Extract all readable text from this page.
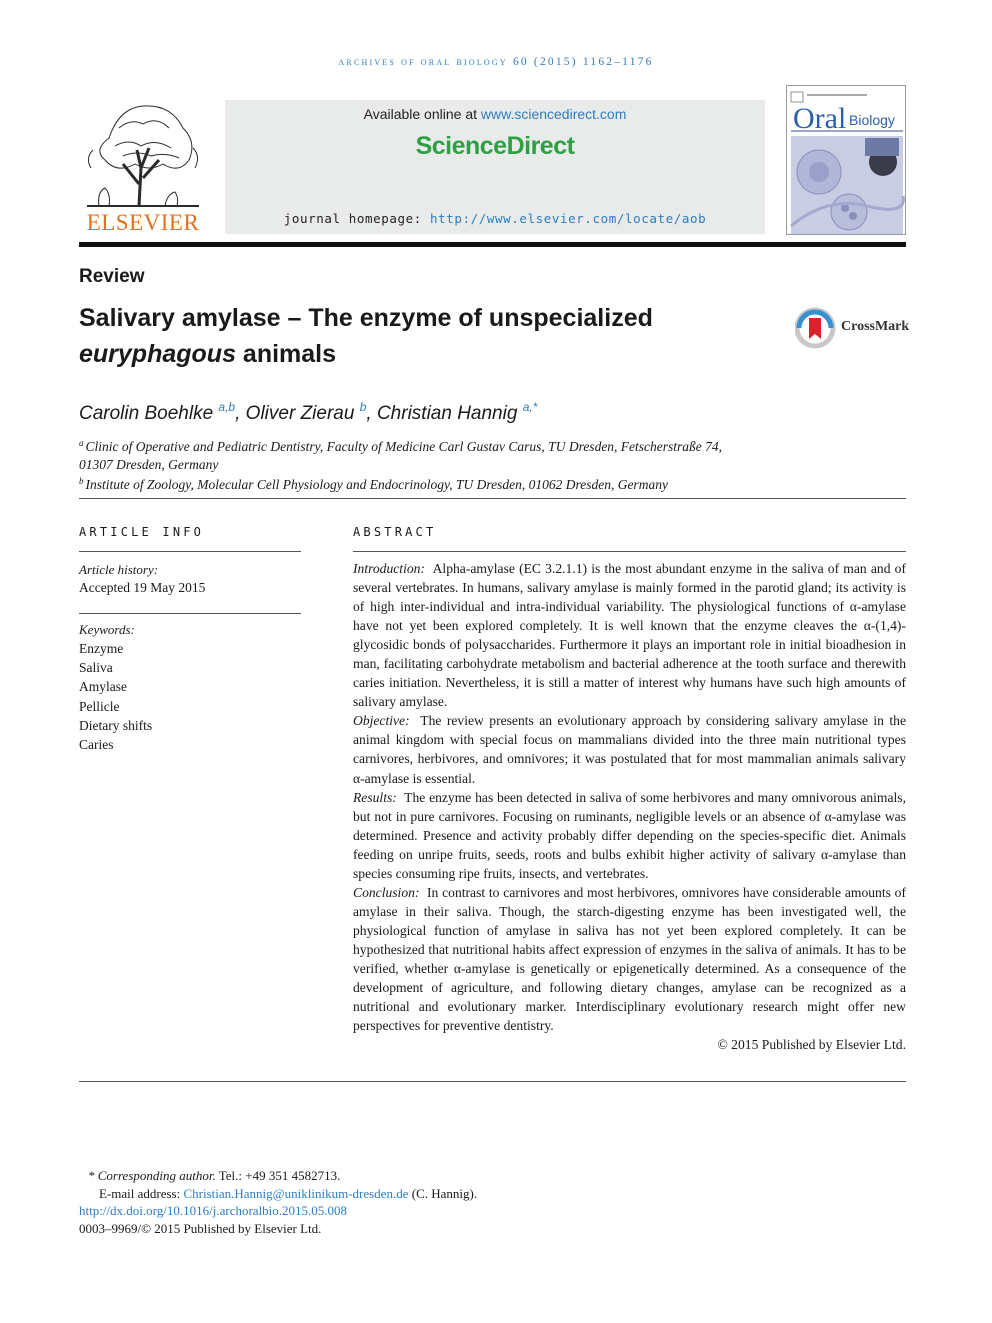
archives of oral biology 60 (2015) 1162–1176
ELSEVIER
Available online at www.sciencedirect.com
ScienceDirect
journal homepage: http://www.elsevier.com/locate/aob
Oral Biology
Review
Salivary amylase – The enzyme of unspecialized
euryphagous animals
CrossMark
Carolin Boehlke $^{a,b}$, Oliver Zierau $^b$, Christian Hannig $^{a,*}$
$^a$ Clinic of Operative and Pediatric Dentistry, Faculty of Medicine Carl Gustav Carus, TU Dresden, Fetscherstraße 74,
01307 Dresden, Germany
$^b$ Institute of Zoology, Molecular Cell Physiology and Endocrinology, TU Dresden, 01062 Dresden, Germany
ARTICLE INFO
Article history:
Accepted 19 May 2015
Keywords:
Enzyme
Saliva
Amylase
Pellicle
Dietary shifts
Caries
ABSTRACT

Introduction: Alpha-amylase (EC 3.2.1.1) is the most abundant enzyme in the saliva of man and of several vertebrates. In humans, salivary amylase is mainly formed in the parotid gland; its activity is of high inter-individual and intra-individual variability. The physiological functions of α-amylase have not yet been explored completely. It is well known that the enzyme cleaves the α-(1,4)-glycosidic bonds of polysaccharides. Furthermore it plays an important role in initial bioadhesion in man, facilitating carbohydrate metabolism and bacterial adherence at the tooth surface and therewith caries initiation. Nevertheless, it is still a matter of interest why humans have such high amounts of salivary amylase.

Objective: The review presents an evolutionary approach by considering salivary amylase in the animal kingdom with special focus on mammalians divided into the three main nutritional types carnivores, herbivores, and omnivores; it was postulated that for most mammalian animals salivary α-amylase is essential.

Results: The enzyme has been detected in saliva of some herbivores and many omnivorous animals, but not in pure carnivores. Focusing on ruminants, negligible levels or an absence of α-amylase was determined. Presence and activity probably differ depending on the species-specific diet. Animals feeding on unripe fruits, seeds, roots and bulbs exhibit higher activity of salivary α-amylase than species consuming ripe fruits, insects, and vertebrates.

Conclusion: In contrast to carnivores and most herbivores, omnivores have considerable amounts of amylase in their saliva. Though, the starch-digesting enzyme has been investigated well, the physiological function of amylase in saliva has not yet been explored completely. It can be hypothesized that nutritional habits affect expression of enzymes in the saliva of animals. It has to be verified, whether α-amylase is genetically or epigenetically determined. As a consequence of the development of agriculture, and following dietary changes, amylase can be recognized as a nutritional and evolutionary marker. Interdisciplinary evolutionary research might offer new perspectives for preventive dentistry.

© 2015 Published by Elsevier Ltd.

* Corresponding author. Tel.: +49 351 4582713.
E-mail address: Christian.Hannig@uniklinikum-dresden.de (C. Hannig).
http://dx.doi.org/10.1016/j.archoralbio.2015.05.008
0003–9969/© 2015 Published by Elsevier Ltd.
